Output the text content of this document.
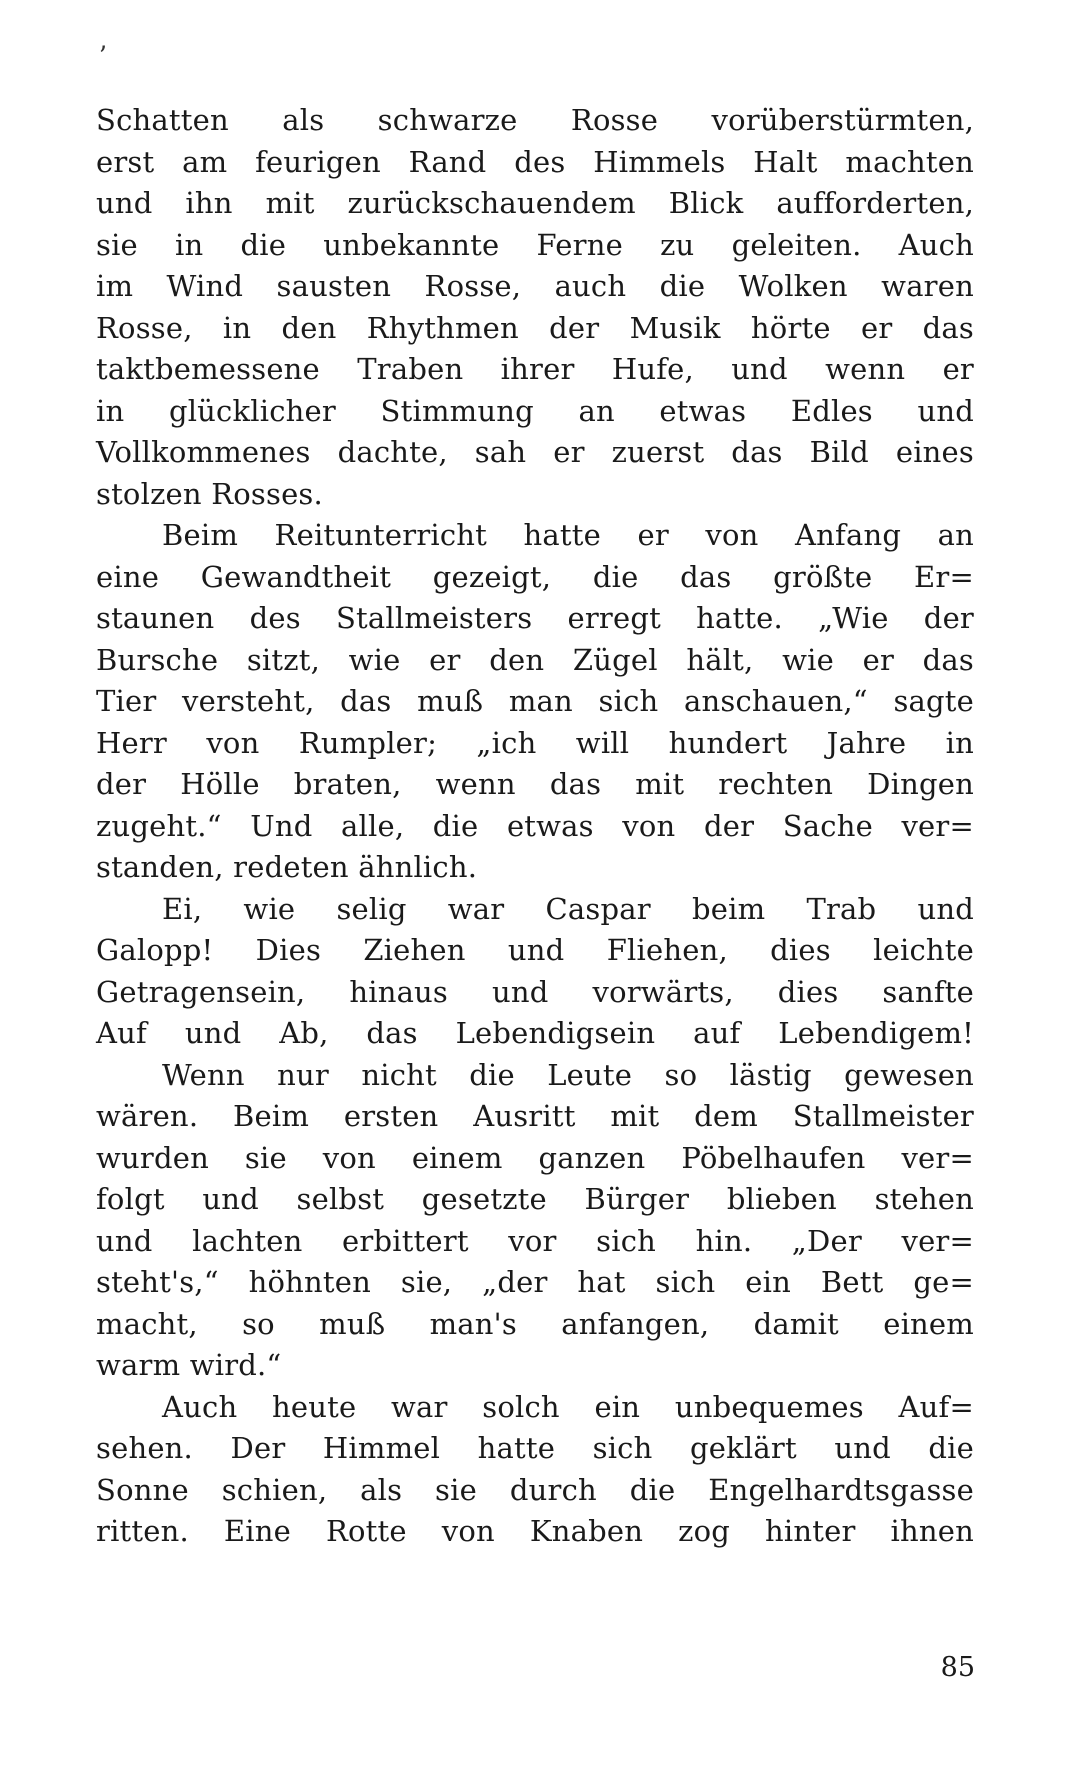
ʼ
Schatten als schwarze Rosse vorüberstürmten,
erst am feurigen Rand des Himmels Halt machten
und ihn mit zurückschauendem Blick aufforderten,
sie in die unbekannte Ferne zu geleiten. Auch
im Wind sausten Rosse, auch die Wolken waren
Rosse, in den Rhythmen der Musik hörte er das
taktbemessene Traben ihrer Hufe, und wenn er
in glücklicher Stimmung an etwas Edles und
Vollkommenes dachte, sah er zuerst das Bild eines
stolzen Rosses.
Beim Reitunterricht hatte er von Anfang an
eine Gewandtheit gezeigt, die das größte Er=
staunen des Stallmeisters erregt hatte. „Wie der
Bursche sitzt, wie er den Zügel hält, wie er das
Tier versteht, das muß man sich anschauen,“ sagte
Herr von Rumpler; „ich will hundert Jahre in
der Hölle braten, wenn das mit rechten Dingen
zugeht.“ Und alle, die etwas von der Sache ver=
standen, redeten ähnlich.
Ei, wie selig war Caspar beim Trab und
Galopp! Dies Ziehen und Fliehen, dies leichte
Getragensein, hinaus und vorwärts, dies sanfte
Auf und Ab, das Lebendigsein auf Lebendigem!
Wenn nur nicht die Leute so lästig gewesen
wären. Beim ersten Ausritt mit dem Stallmeister
wurden sie von einem ganzen Pöbelhaufen ver=
folgt und selbst gesetzte Bürger blieben stehen
und lachten erbittert vor sich hin. „Der ver=
steht's,“ höhnten sie, „der hat sich ein Bett ge=
macht, so muß man's anfangen, damit einem
warm wird.“
Auch heute war solch ein unbequemes Auf=
sehen. Der Himmel hatte sich geklärt und die
Sonne schien, als sie durch die Engelhardtsgasse
ritten. Eine Rotte von Knaben zog hinter ihnen
85
